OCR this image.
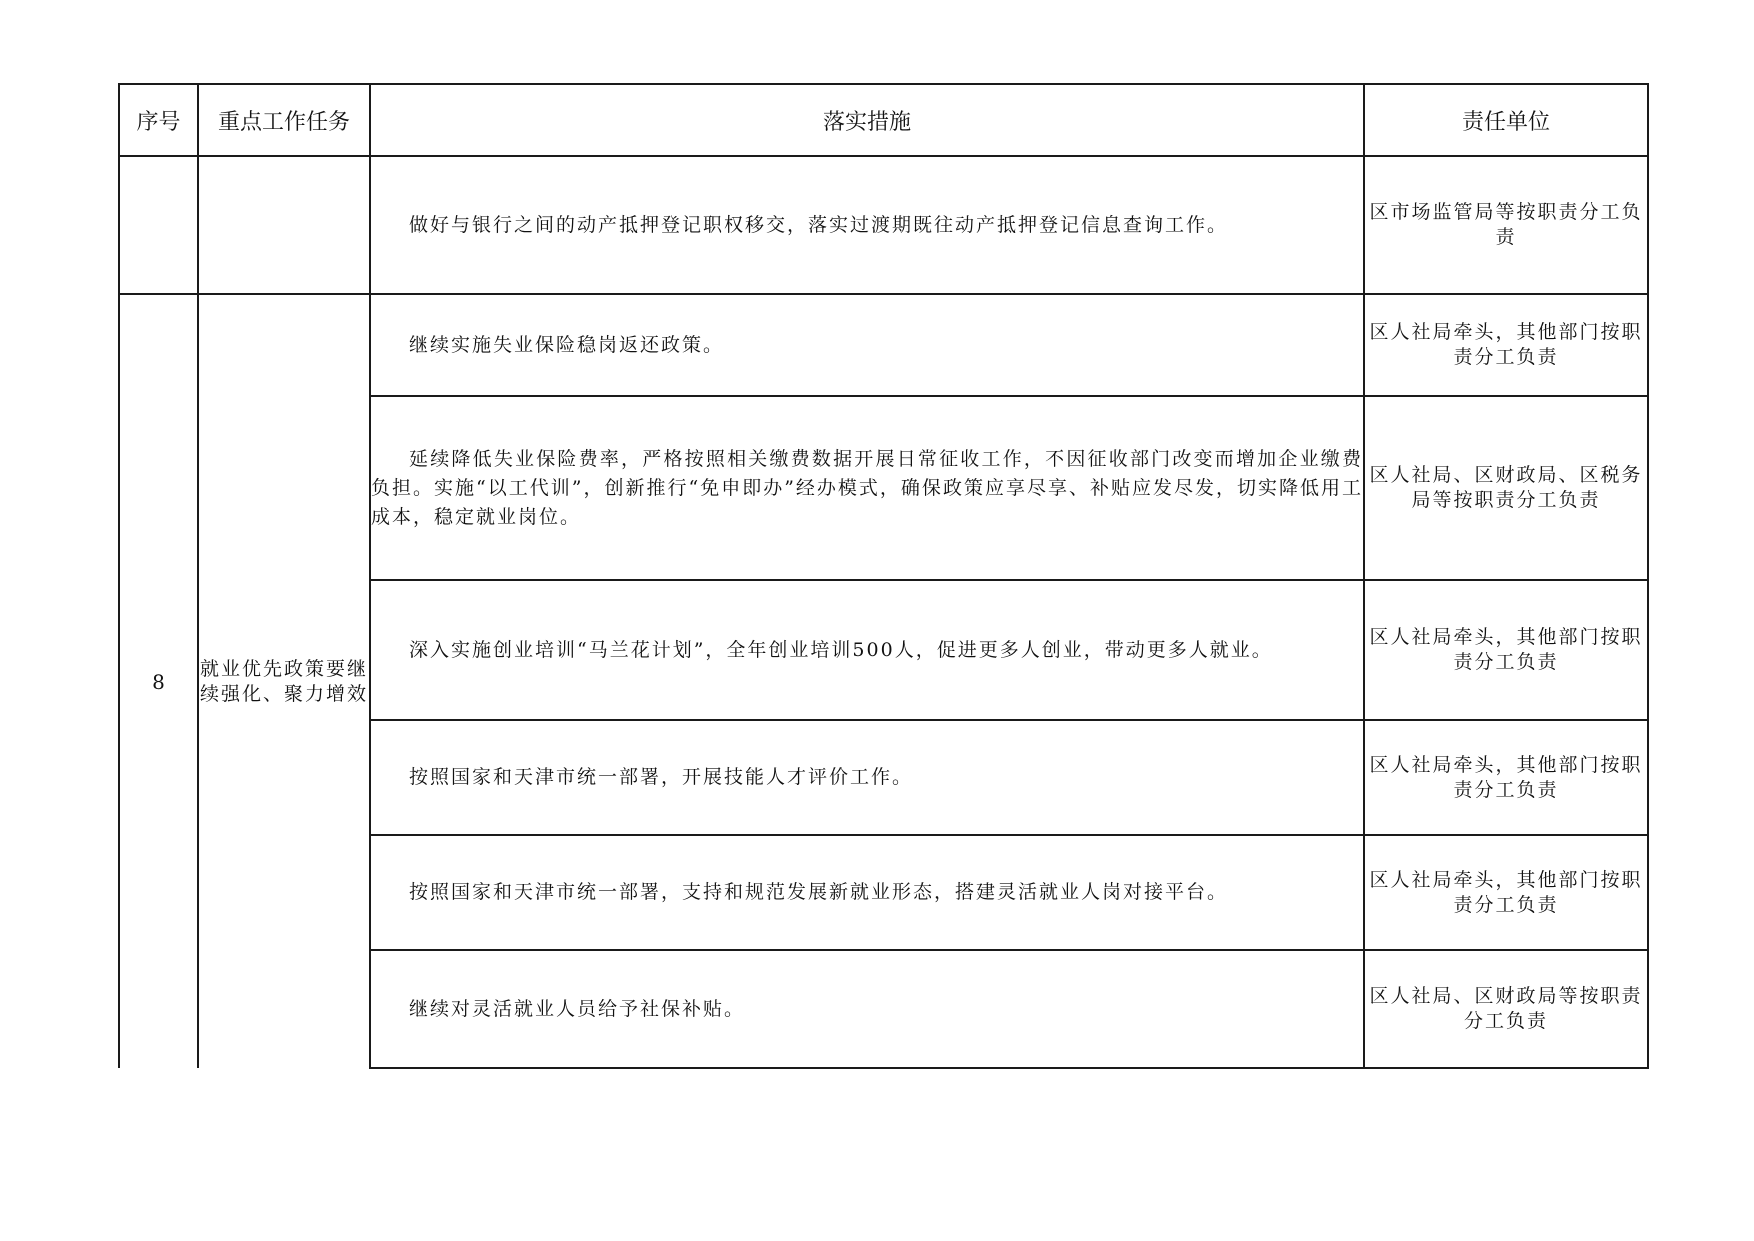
序号	重点工作任务	落实措施	责任单位

		做好与银行之间的动产抵押登记职权移交，落实过渡期既往动产抵押登记信息查询工作。	区市场监管局等按职责分工负责
8	就业优先政策要继续强化、聚力增效	继续实施失业保险稳岗返还政策。	区人社局牵头，其他部门按职责分工负责

		延续降低失业保险费率，严格按照相关缴费数据开展日常征收工作，不因征收部门改变而增加企业缴费负担。实施“以工代训”，创新推行“免申即办”经办模式，确保政策应享尽享、补贴应发尽发，切实降低用工成本，稳定就业岗位。	区人社局、区财政局、区税务局等按职责分工负责

		深入实施创业培训“马兰花计划”，全年创业培训500人，促进更多人创业，带动更多人就业。	区人社局牵头，其他部门按职责分工负责

		按照国家和天津市统一部署，开展技能人才评价工作。	区人社局牵头，其他部门按职责分工负责

		按照国家和天津市统一部署，支持和规范发展新就业形态，搭建灵活就业人岗对接平台。	区人社局牵头，其他部门按职责分工负责

		继续对灵活就业人员给予社保补贴。	区人社局、区财政局等按职责分工负责
